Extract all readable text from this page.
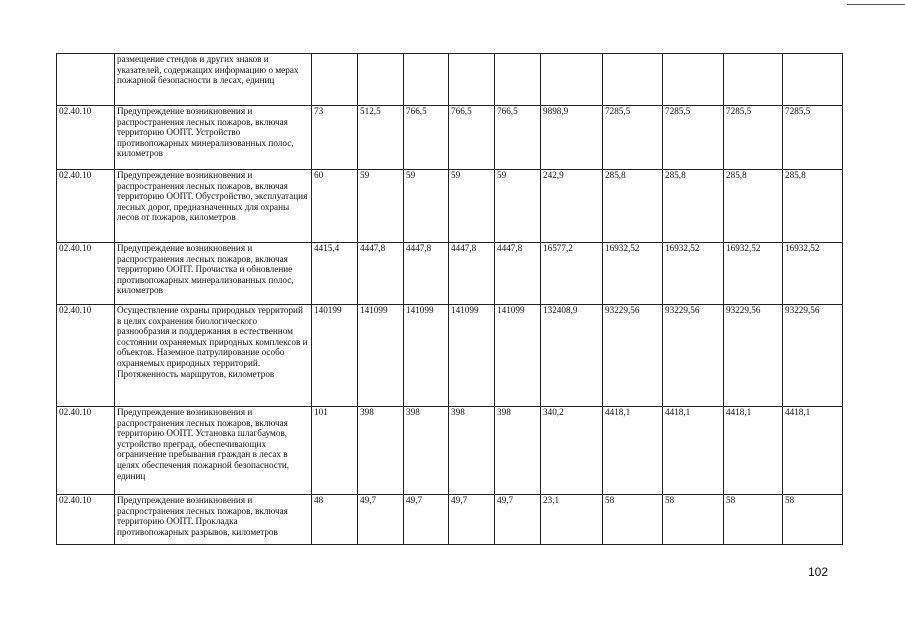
	размещение стендов и других знаков и указателей, содержащих информацию о мерах пожарной безопасности в лесах, единиц										
02.40.10	Предупреждение возникновения и распространения лесных пожаров, включая территорию ООПТ. Устройство противопожарных минерализованных полос, километров	73	512,5	766,5	766,5	766,5	9898,9	7285,5	7285,5	7285,5	7285,5
02.40.10	Предупреждение возникновения и распространения лесных пожаров, включая территорию ООПТ. Обустройство, эксплуатация лесных дорог, предназначенных для охраны лесов от пожаров, километров	60	59	59	59	59	242,9	285,8	285,8	285,8	285,8
02.40.10	Предупреждение возникновения и распространения лесных пожаров, включая территорию ООПТ. Прочистка и обновление противопожарных минерализованных полос, километров	4415,4	4447,8	4447,8	4447,8	4447,8	16577,2	16932,52	16932,52	16932,52	16932,52
02.40.10	Осуществление охраны природных территорий в целях сохранения биологического разнообразия и поддержания в естественном состоянии охраняемых природных комплексов и объектов. Наземное патрулирование особо охраняемых природных территорий. Протяженность маршрутов, километров	140199	141099	141099	141099	141099	132408,9	93229,56	93229,56	93229,56	93229,56
02.40.10	Предупреждение возникновения и распространения лесных пожаров, включая территорию ООПТ. Установка шлагбаумов, устройство преград, обеспечивающих ограничение пребывания граждан в лесах в целях обеспечения пожарной безопасности, единиц	101	398	398	398	398	340,2	4418,1	4418,1	4418,1	4418,1
02.40.10	Предупреждение возникновения и распространения лесных пожаров, включая территорию ООПТ. Прокладка противопожарных разрывов, километров	48	49,7	49,7	49,7	49,7	23,1	58	58	58	58
102
